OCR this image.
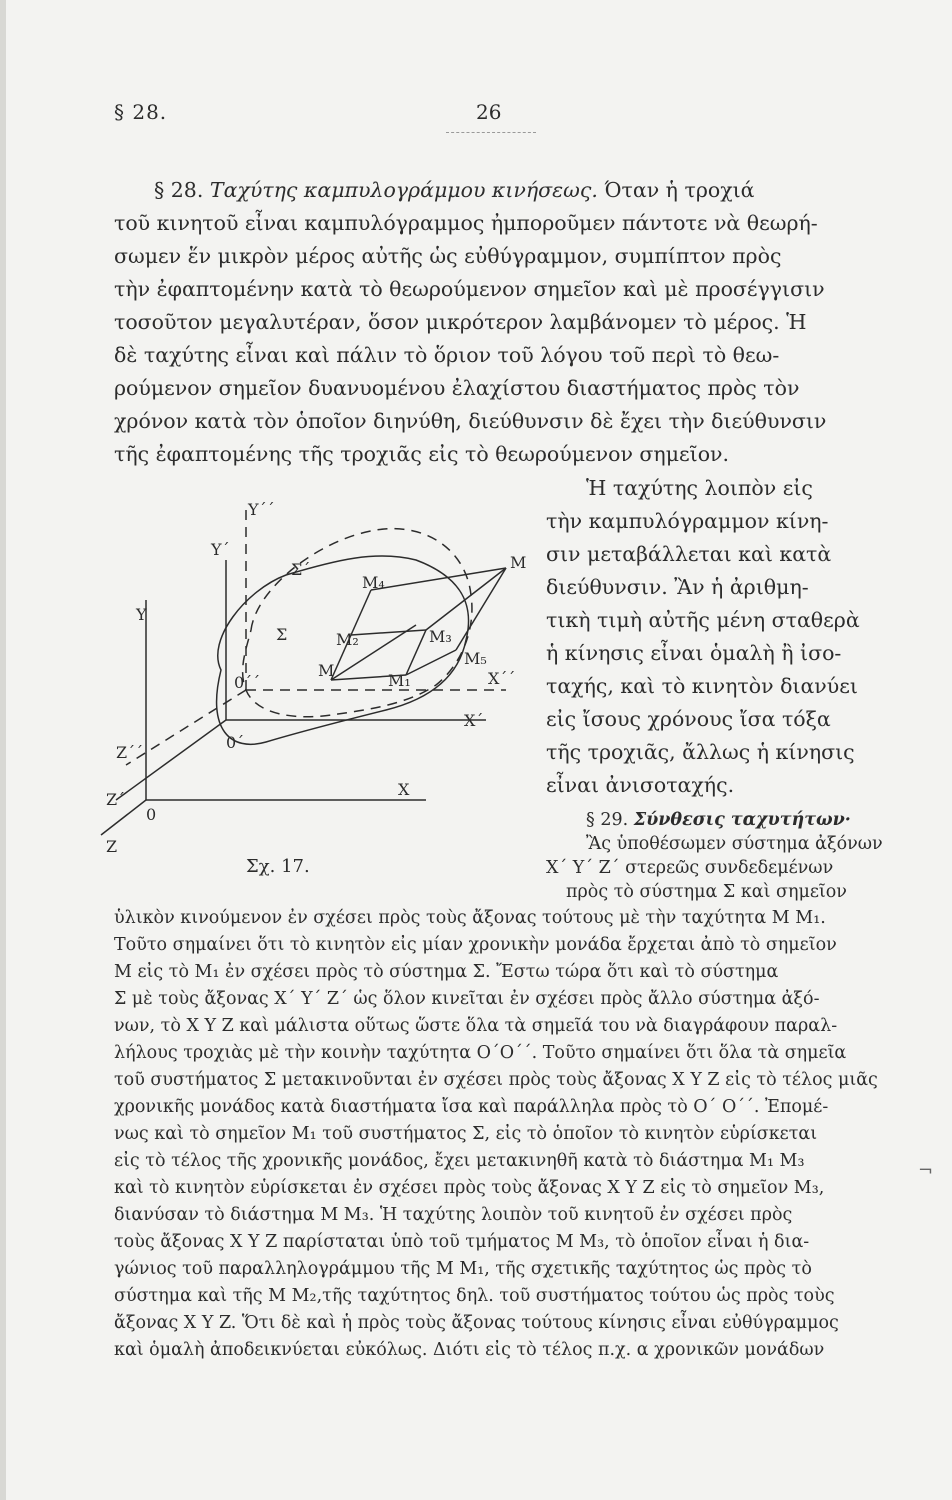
§ 28.	26
§ 28. Ταχύτης καμπυλογράμμου κινήσεως. Όταν ἡ τροχιά
τοῦ κινητοῦ εἶναι καμπυλόγραμμος ἠμποροῦμεν πάντοτε νὰ θεωρή-
σωμεν ἕν μικρὸν μέρος αὐτῆς ὡς εὐθύγραμμον, συμπίπτον πρὸς
τὴν ἐφαπτομένην κατὰ τὸ θεωρούμενον σημεῖον καὶ μὲ προσέγγισιν
τοσοῦτον μεγαλυτέραν, ὅσον μικρότερον λαμβάνομεν τὸ μέρος. Ἡ
δὲ ταχύτης εἶναι καὶ πάλιν τὸ ὅριον τοῦ λόγου τοῦ περὶ τὸ θεω-
ρούμενον σημεῖον δυανυομένου ἐλαχίστου διαστήματος πρὸς τὸν
χρόνον κατὰ τὸν ὁποῖον διηνύθη, διεύθυνσιν δὲ ἔχει τὴν διεύθυνσιν
τῆς ἐφαπτομένης τῆς τροχιᾶς εἰς τὸ θεωρούμενον σημεῖον.
Ἡ ταχύτης λοιπὸν εἰς
τὴν καμπυλόγραμμον κίνη-
σιν μεταβάλλεται καὶ κατὰ
διεύθυνσιν. Ἂν ἡ ἀριθμη-
τικὴ τιμὴ αὐτῆς μένη σταθερὰ
ἡ κίνησις εἶναι ὁμαλὴ ἢ ἰσο-
ταχής, καὶ τὸ κινητὸν διανύει
εἰς ἴσους χρόνους ἴσα τόξα
τῆς τροχιᾶς, ἄλλως ἡ κίνησις
εἶναι ἀνισοταχής.
§ 29. Σύνθεσις ταχυτήτων·
Ἂς ὑποθέσωμεν σύστημα ἀξόνων
X΄ Y΄ Z΄ στερεῶς συνδεδεμένων
πρὸς τὸ σύστημα Σ καὶ σημεῖον
Y
Y΄
Y΄΄
X
X΄
X΄΄
Z
Z΄
Z΄΄
0
0΄
0΄΄
Σ
Σ΄
M
M₁
M₂	M₃
M₄
M₅
M
Σχ. 17.
ὑλικὸν κινούμενον ἐν σχέσει πρὸς τοὺς ἄξονας τούτους μὲ τὴν ταχύτητα M M₁.
Τοῦτο σημαίνει ὅτι τὸ κινητὸν εἰς μίαν χρονικὴν μονάδα ἔρχεται ἀπὸ τὸ σημεῖον
M εἰς τὸ M₁ ἐν σχέσει πρὸς τὸ σύστημα Σ. Ἔστω τώρα ὅτι καὶ τὸ σύστημα
Σ μὲ τοὺς ἄξονας X΄ Y΄ Z΄ ὡς ὅλον κινεῖται ἐν σχέσει πρὸς ἄλλο σύστημα ἀξό-
νων, τὸ X Y Z καὶ μάλιστα οὕτως ὥστε ὅλα τὰ σημεῖά του νὰ διαγράφουν παραλ-
λήλους τροχιὰς μὲ τὴν κοινὴν ταχύτητα O΄O΄΄. Τοῦτο σημαίνει ὅτι ὅλα τὰ σημεῖα
τοῦ συστήματος Σ μετακινοῦνται ἐν σχέσει πρὸς τοὺς ἄξονας X Y Z εἰς τὸ τέλος μιᾶς
χρονικῆς μονάδος κατὰ διαστήματα ἴσα καὶ παράλληλα πρὸς τὸ O΄ O΄΄. Ἐπομέ-
νως καὶ τὸ σημεῖον M₁ τοῦ συστήματος Σ, εἰς τὸ ὁποῖον τὸ κινητὸν εὑρίσκεται
εἰς τὸ τέλος τῆς χρονικῆς μονάδος, ἔχει μετακινηθῆ κατὰ τὸ διάστημα M₁ M₃
καὶ τὸ κινητὸν εὑρίσκεται ἐν σχέσει πρὸς τοὺς ἄξονας X Y Z εἰς τὸ σημεῖον M₃,
διανύσαν τὸ διάστημα M M₃. Ἡ ταχύτης λοιπὸν τοῦ κινητοῦ ἐν σχέσει πρὸς
τοὺς ἄξονας X Y Z παρίσταται ὑπὸ τοῦ τμήματος M M₃, τὸ ὁποῖον εἶναι ἡ δια-
γώνιος τοῦ παραλληλογράμμου τῆς M M₁, τῆς σχετικῆς ταχύτητος ὡς πρὸς τὸ
σύστημα καὶ τῆς M M₂,τῆς ταχύτητος δηλ. τοῦ συστήματος τούτου ὡς πρὸς τοὺς
ἄξονας X Y Z. Ὅτι δὲ καὶ ἡ πρὸς τοὺς ἄξονας τούτους κίνησις εἶναι εὐθύγραμμος
καὶ ὁμαλὴ ἀποδεικνύεται εὐκόλως. Διότι εἰς τὸ τέλος π.χ. α χρονικῶν μονάδων
¬
